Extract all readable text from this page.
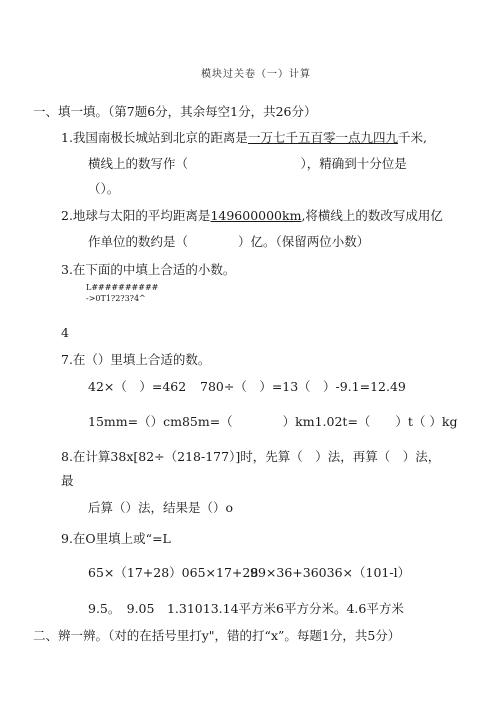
模块过关卷（一）计算
一、填一填。（第7题6分，其余每空1分，共26分）
1.我国南极长城站到北京的距离是一万七千五百零一点九四九千米,
横线上的数写作（　　　　　　　　　），精确到十分位是
（）。
2.地球与太阳的平均距离是149600000km,将横线上的数改写成用亿
作单位的数约是（　　　　）亿。（保留两位小数）
3.在下面的中填上合适的小数。
L##########
->0T1?2?3?4^
4
7.在（）里填上合适的数。
42×（　）=462 780÷（　）=13 （　）-9.1=12.49
15mm=（）cm85m=（　　　　）km1.02t=（　　）t（ ）kg
8.在计算38x[82÷（218-177）]时，先算（　）法，再算（　）法，
最
后算（）法，结果是（）o
9.在O里填上或“=L
65×（17+28）065×17+28
99×36+36036×（101-l）
9.5。　9.05　1.31013.14平方米6平方分米。4.6平方米
二、辨一辨。（对的在括号里打y"，错的打“x”。每题1分，共5分）
